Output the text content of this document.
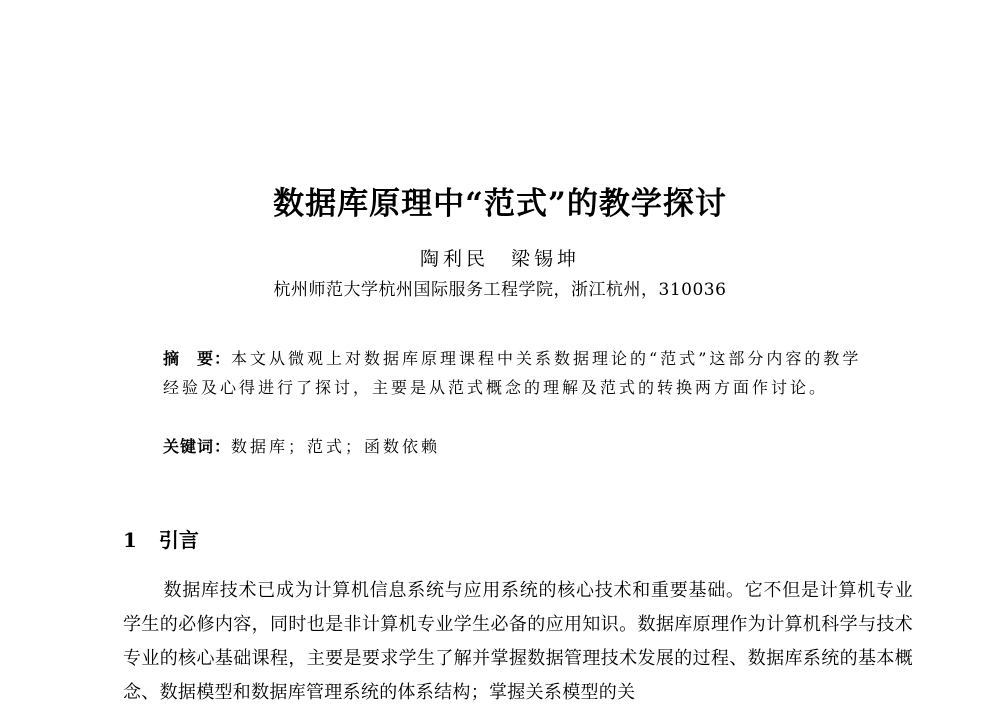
数据库原理中“范式”的教学探讨
陶利民 梁锡坤
杭州师范大学杭州国际服务工程学院，浙江杭州，310036
摘　要：本文从微观上对数据库原理课程中关系数据理论的“范式”这部分内容的教学经验及心得进行了探讨，主要是从范式概念的理解及范式的转换两方面作讨论。
关键词：数据库；范式；函数依赖
1 引言
数据库技术已成为计算机信息系统与应用系统的核心技术和重要基础。它不但是计算机专业学生的必修内容，同时也是非计算机专业学生必备的应用知识。数据库原理作为计算机科学与技术专业的核心基础课程，主要是要求学生了解并掌握数据管理技术发展的过程、数据库系统的基本概念、数据模型和数据库管理系统的体系结构；掌握关系模型的关
